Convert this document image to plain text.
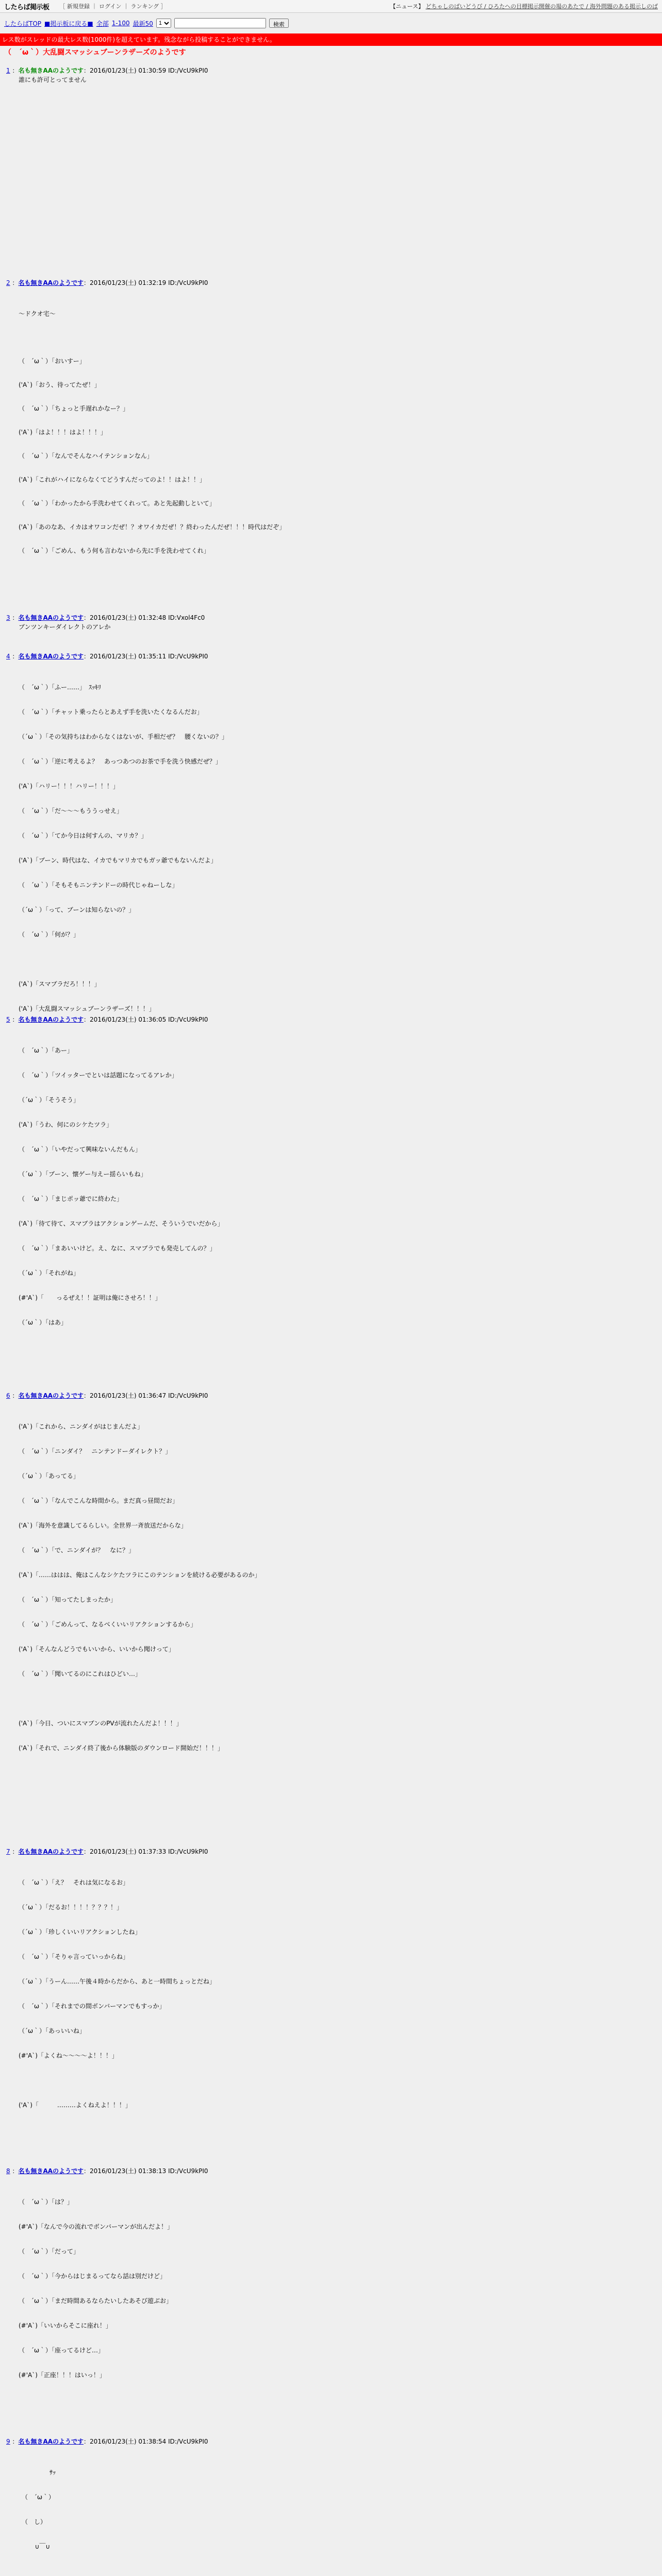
したらば掲示板 ［ 新規登録 ｜ ログイン ｜ ランキング ］	【ニュース】 どちゃしのばいどうび / ひろたへの目標掲示開催の場のあたで / 海外問題のある掲示しのば
したらばTOP ■掲示板に戻る■ 全部 1-100 最新50
1	検索
レス数がスレッドの最大レス数(1000件)を超えています。残念ながら投稿することができません。
（　´ω｀）大乱闘スマッシュブーンラザーズのようです
1 ：名も無きAAのようです：2016/01/23(土) 01:30:59 ID:/VcU9kPI0
誰にも許可とってません
2 ：名も無きAAのようです：2016/01/23(土) 01:32:19 ID:/VcU9kPI0
〜ドクオ宅〜
（　´ω｀）「おいすー」
('A`)「おう、待ってたぜ！」
（　´ω｀）「ちょっと手遅れかなー？」
('A`)「はよ！！！はよ！！！」
（　´ω｀）「なんでそんなハイテンションなん」
('A`)「これがハイにならなくてどうすんだってのよ！！はよ！！」
（　´ω｀）「わかったから手洗わせてくれって。あと先起動しといて」
('A`)「あのなあ、イカはオワコンだぜ！？オワイカだぜ！？終わったんだぜ！！！時代はだぞ」
（　´ω｀）「ごめん、もう何も言わないから先に手を洗わせてくれ」
3 ：名も無きAAのようです：2016/01/23(土) 01:32:48 ID:Vxol4Fc0
ブンツンキーダイレクトのアレか
4 ：名も無きAAのようです：2016/01/23(土) 01:35:11 ID:/VcU9kPI0
（　´ω｀）「ふー……」　ｽｯｷﾘ
（　´ω｀）「チャット乗ったらとあえず手を洗いたくなるんだお」
（´ω｀）「その気持ちはわからなくはないが、手相だぜ？　腰くないの？」
（　´ω｀）「逆に考えるよ？　あっつあつのお茶で手を洗う快感だぜ？」
('A`)「ハリー！！！ハリー！！！」
（　´ω｀）「だ〜〜〜もううっせえ」
（　´ω｀）「てか今日は何すんの、マリカ？」
('A`)「ブーン、時代はな、イカでもマリカでもガッ爺でもないんだよ」
（　´ω｀）「そもそもニンテンドーの時代じゃねーしな」
（´ω｀）「って、ブーンは知らないの？」
（　´ω｀）「何が？」
('A`)「スマブラだろ！！！」
('A`)「大乱闘スマッシュブーンラザーズ！！！」
5 ：名も無きAAのようです：2016/01/23(土) 01:36:05 ID:/VcU9kPI0
（　´ω｀）「あー」
（　´ω｀）「ツイッターでといは話題になってるアレか」
（´ω｀）「そうそう」
('A`)「うわ、何にのシケたツラ」
（　´ω｀）「いやだって興味ないんだもん」
（´ω｀）「ブーン、懐ゲー与えー揺らいもね」
（　´ω｀）「まじポッ爺でに終わた」
('A`)「待て待て、スマブラはアクションゲームだ、そういうでいだから」
（　´ω｀）「まあいいけど。え、なに、スマブラでも発売してんの？」
（´ω｀）「それがね」
(#'A`)「　　っるぜえ！！証明は俺にさせろ！！」
（´ω｀）「はあ」
6 ：名も無きAAのようです：2016/01/23(土) 01:36:47 ID:/VcU9kPI0
('A`)「これから、ニンダイがはじまんだよ」
（　´ω｀）「ニンダイ？　ニンテンドーダイレクト？」
（´ω｀）「あってる」
（　´ω｀）「なんでこんな時間から。まだ真っ昼間だお」
('A`)「海外を意識してるらしい。全世界一斉放送だからな」
（　´ω｀）「で、ニンダイが？　なに？」
('A`)「……ははは、俺はこんなシケたツラにこのテンションを続ける必要があるのか」
（　´ω｀）「知ってたしまったか」
（　´ω｀）「ごめんって、なるべくいいリアクションするから」
('A`)「そんなんどうでもいいから、いいから聞けって」
（　´ω｀）「聞いてるのにこれはひどい…」
('A`)「今日、ついにスマブンのPVが流れたんだよ！！！」
('A`)「それで、ニンダイ終了後から体験版のダウンロード開始だ！！！」
7 ：名も無きAAのようです：2016/01/23(土) 01:37:33 ID:/VcU9kPI0
（　´ω｀）「え？　それは気になるお」
（´ω｀）「だるお！！！！？？？！」
（´ω｀）「珍しくいいリアクションしたね」
（　´ω｀）「そりゃ言っていっからね」
（´ω｀）「うーん……午後４時からだから、あと一時間ちょっとだね」
（　´ω｀）「それまでの間ボンバーマンでもすっか」
（´ω｀）「あっいいね」
(#'A`)「よくね〜〜〜〜よ！！！」
('A`)「　　　………よくねえよ！！！」
8 ：名も無きAAのようです：2016/01/23(土) 01:38:13 ID:/VcU9kPI0
（　´ω｀）「は？」
(#'A`)「なんで今の流れでボンバーマンが出んだよ！」
（　´ω｀）「だって」
（　´ω｀）「今からはじまるってなら話は別だけど」
（　´ω｀）「まだ時間あるならたいしたあそび遊ぶお」
(#'A`)「いいからそこに座れ！」
（　´ω｀）「座ってるけど…」
(#'A`)「正座！！！はいっ！」
9 ：名も無きAAのようです：2016/01/23(土) 01:38:54 ID:/VcU9kPI0
　　　　　ｻｯ
　（　´ω｀）
　（　し）
　 　 ∪￣∪
